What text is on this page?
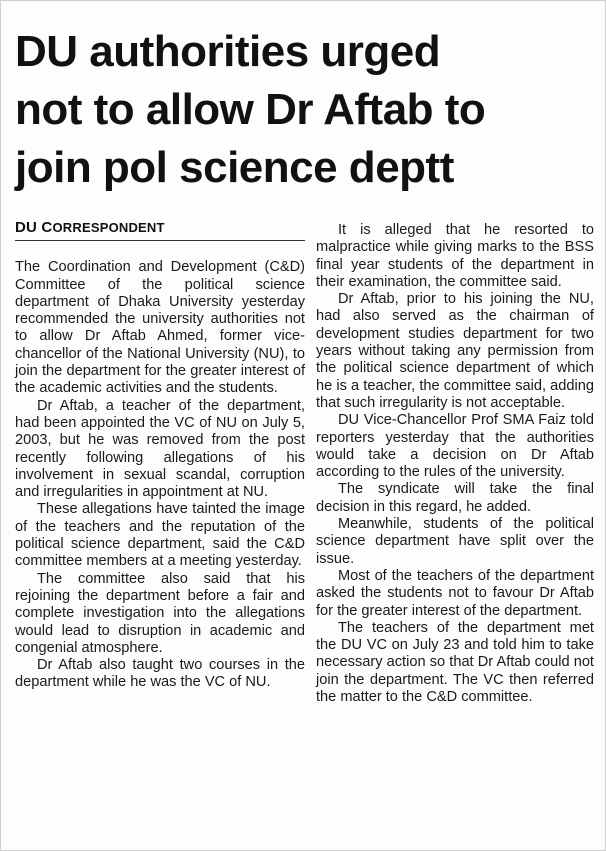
DU authorities urged
not to allow Dr Aftab to
join pol science deptt
DU CORRESPONDENT

The Coordination and Development (C&D) Committee of the political science department of Dhaka University yesterday recommended the university authorities not to allow Dr Aftab Ahmed, former vice-chancellor of the National University (NU), to join the department for the greater interest of the academic activities and the students.

Dr Aftab, a teacher of the department, had been appointed the VC of NU on July 5, 2003, but he was removed from the post recently following allegations of his involvement in sexual scandal, corruption and irregularities in appointment at NU.

These allegations have tainted the image of the teachers and the reputation of the political science department, said the C&D committee members at a meeting yesterday.

The committee also said that his rejoining the department before a fair and complete investigation into the allegations would lead to disruption in academic and congenial atmosphere.

Dr Aftab also taught two courses in the department while he was the VC of NU.

It is alleged that he resorted to malpractice while giving marks to the BSS final year students of the department in their examination, the committee said.

Dr Aftab, prior to his joining the NU, had also served as the chairman of development studies department for two years without taking any permission from the political science department of which he is a teacher, the committee said, adding that such irregularity is not acceptable.

DU Vice-Chancellor Prof SMA Faiz told reporters yesterday that the authorities would take a decision on Dr Aftab according to the rules of the university.

The syndicate will take the final decision in this regard, he added.

Meanwhile, students of the political science department have split over the issue.

Most of the teachers of the department asked the students not to favour Dr Aftab for the greater interest of the department.

The teachers of the department met the DU VC on July 23 and told him to take necessary action so that Dr Aftab could not join the department. The VC then referred the matter to the C&D committee.
